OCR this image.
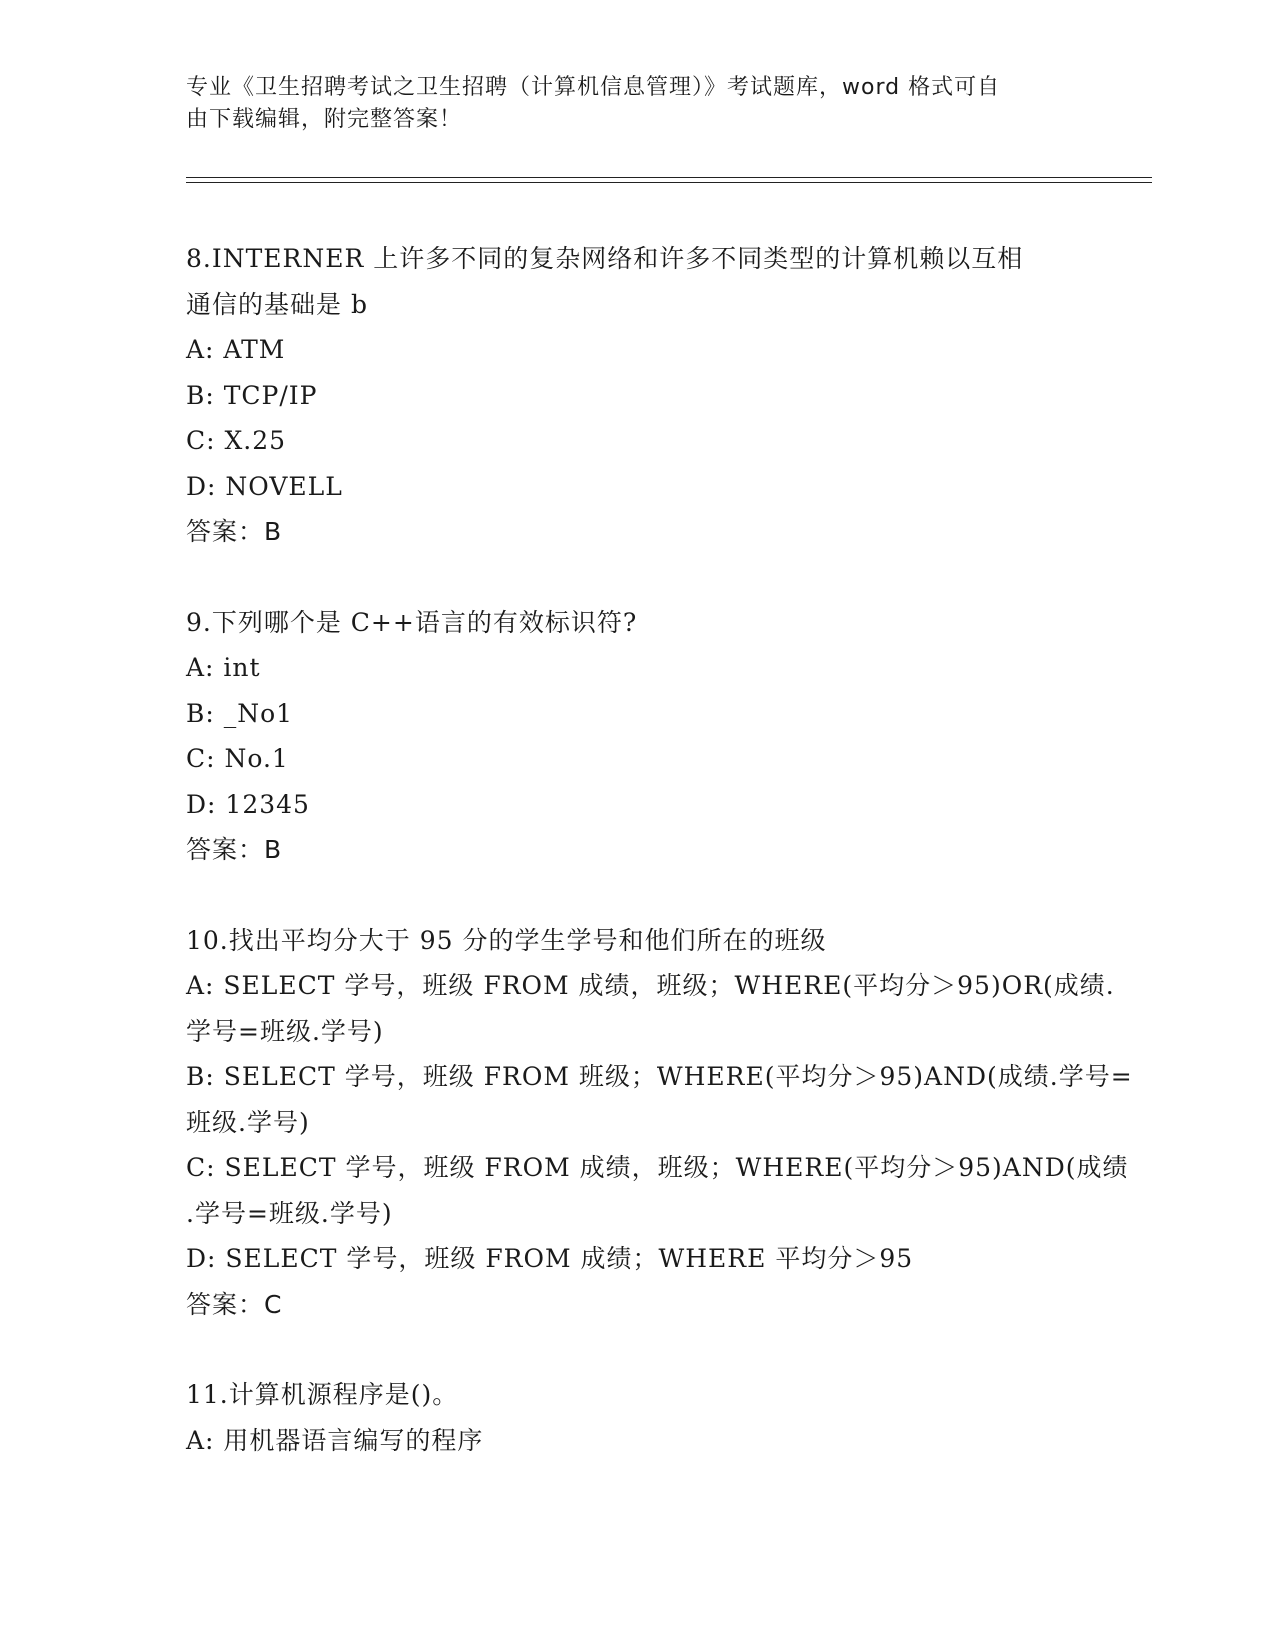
专业《卫生招聘考试之卫生招聘（计算机信息管理）》考试题库，word 格式可自
由下载编辑，附完整答案！
8.INTERNER 上许多不同的复杂网络和许多不同类型的计算机赖以互相
通信的基础是 b
A: ATM
B: TCP/IP
C: X.25
D: NOVELL
答案：B
9.下列哪个是 C++语言的有效标识符?
A: int
B: _No1
C: No.1
D: 12345
答案：B
10.找出平均分大于 95 分的学生学号和他们所在的班级
A: SELECT 学号，班级 FROM 成绩，班级；WHERE(平均分＞95)OR(成绩.
学号=班级.学号)
B: SELECT 学号，班级 FROM 班级；WHERE(平均分＞95)AND(成绩.学号=
班级.学号)
C: SELECT 学号，班级 FROM 成绩，班级；WHERE(平均分＞95)AND(成绩
.学号=班级.学号)
D: SELECT 学号，班级 FROM 成绩；WHERE 平均分＞95
答案：C
11.计算机源程序是()。
A: 用机器语言编写的程序
